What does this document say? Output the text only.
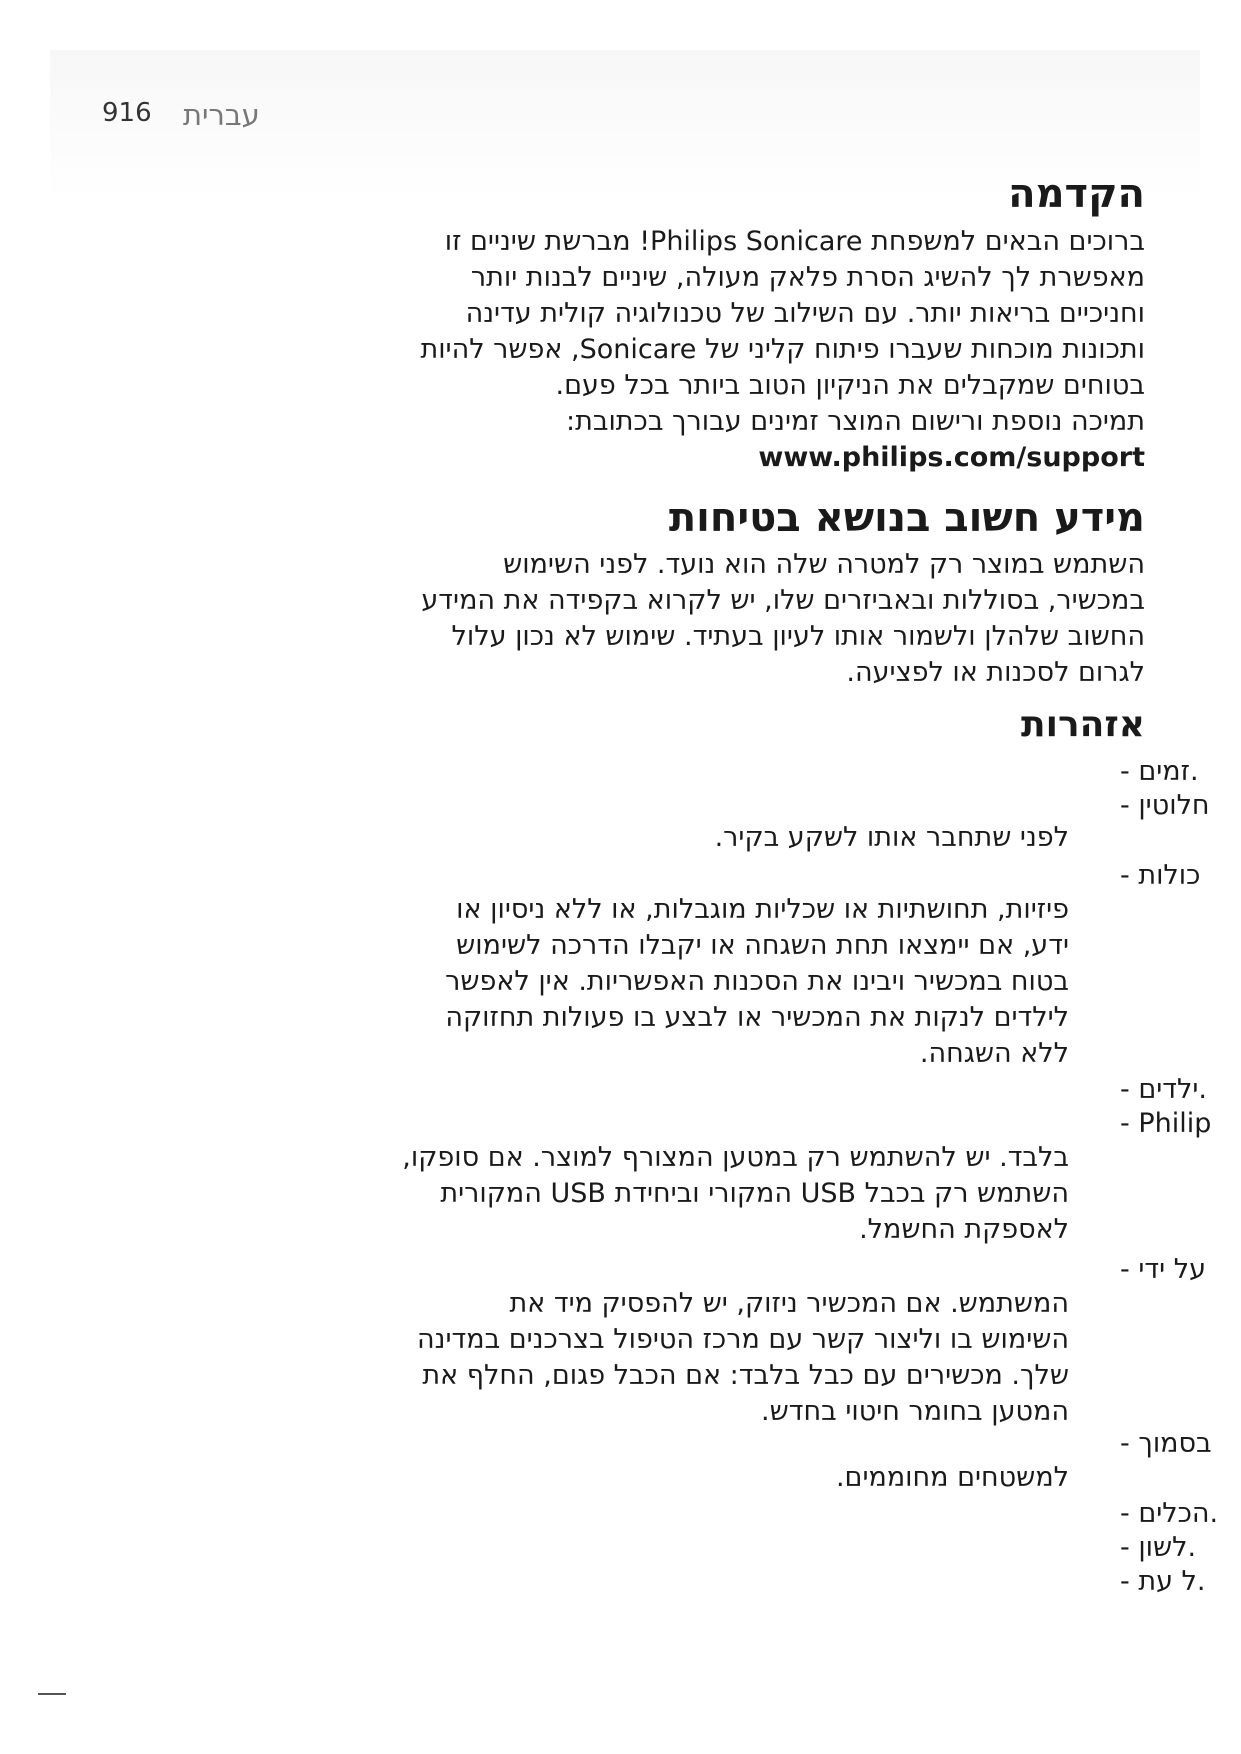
916 עברית
הקדמה
ברוכים הבאים למשפחת Philips Sonicare! מברשת שיניים זו
מאפשרת לך להשיג הסרת פלאק מעולה, שיניים לבנות יותר
וחניכיים בריאות יותר. עם השילוב של טכנולוגיה קולית עדינה
ותכונות מוכחות שעברו פיתוח קליני של Sonicare, אפשר להיות
בטוחים שמקבלים את הניקיון הטוב ביותר בכל פעם.
תמיכה נוספת ורישום המוצר זמינים עבורך בכתובת:
www.philips.com/support
מידע חשוב בנושא בטיחות
השתמש במוצר רק למטרה שלה הוא נועד. לפני השימוש
במכשיר, בסוללות ובאביזרים שלו, יש לקרוא בקפידה את המידע
החשוב שלהלן ולשמור אותו לעיון בעתיד. שימוש לא נכון עלול
לגרום לסכנות או לפציעה.
אזהרות
- זמים.
- חלוטין
- כולות
- ילדים.
- Philip
- על ידי
- בסמוך
- הכלים.
- לשון.
- ל עת.
לפני שתחבר אותו לשקע בקיר.
פיזיות, תחושתיות או שכליות מוגבלות, או ללא ניסיון או
ידע, אם יימצאו תחת השגחה או יקבלו הדרכה לשימוש
בטוח במכשיר ויבינו את הסכנות האפשריות. אין לאפשר
לילדים לנקות את המכשיר או לבצע בו פעולות תחזוקה
ללא השגחה.
בלבד. יש להשתמש רק במטען המצורף למוצר. אם סופקו,
השתמש רק בכבל USB המקורי וביחידת USB המקורית
לאספקת החשמל.
המשתמש. אם המכשיר ניזוק, יש להפסיק מיד את
השימוש בו וליצור קשר עם מרכז הטיפול בצרכנים במדינה
שלך. מכשירים עם כבל בלבד: אם הכבל פגום, החלף את
המטען בחומר חיטוי בחדש.
למשטחים מחוממים.
